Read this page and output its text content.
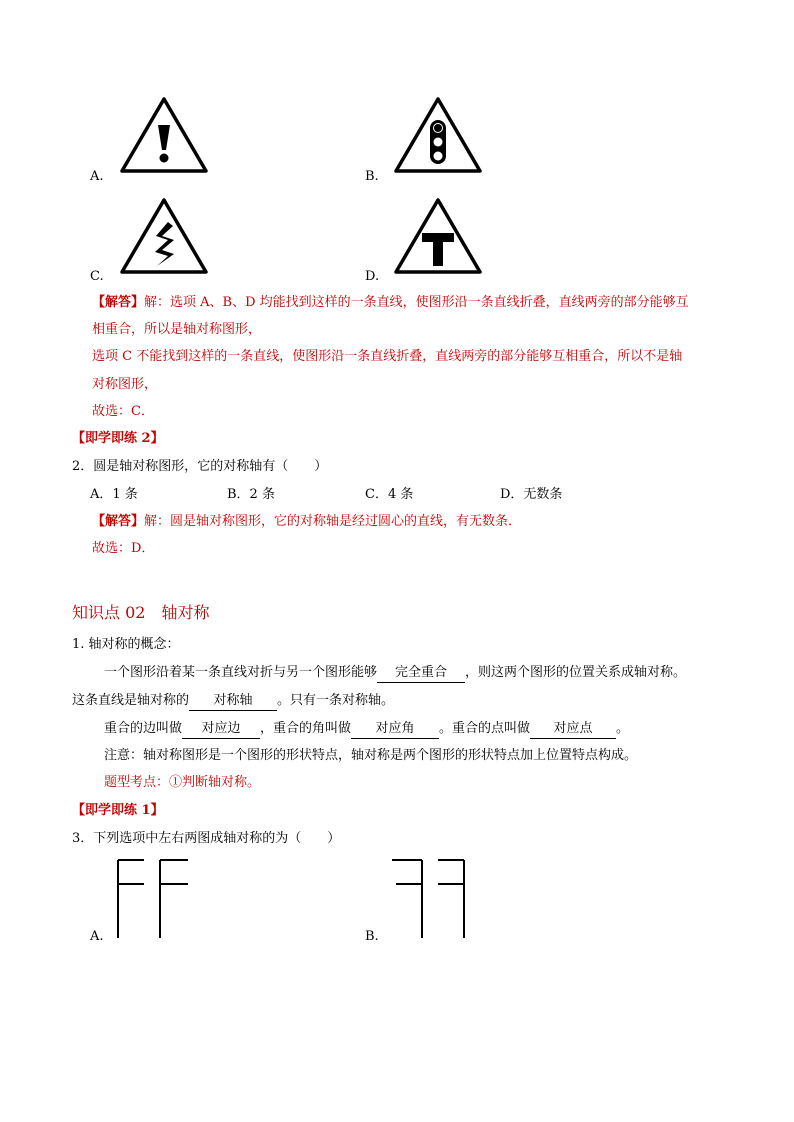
A.	B.
C.	D.
【解答】解：选项 A、B、D 均能找到这样的一条直线，使图形沿一条直线折叠，直线两旁的部分能够互
相重合，所以是轴对称图形，
选项 C 不能找到这样的一条直线，使图形沿一条直线折叠，直线两旁的部分能够互相重合，所以不是轴
对称图形，
故选：C．
【即学即练 2】
2．圆是轴对称图形，它的对称轴有（　　）
A．1 条	B．2 条	C．4 条	D．无数条
【解答】解：圆是轴对称图形，它的对称轴是经过圆心的直线，有无数条．
故选：D．
知识点 02　轴对称
1. 轴对称的概念：
一个图形沿着某一条直线对折与另一个图形能够 完全重合 ，则这两个图形的位置关系成轴对称。
这条直线是轴对称的 对称轴 。只有一条对称轴。
重合的边叫做 对应边 ，重合的角叫做 对应角 。重合的点叫做 对应点 。
注意：轴对称图形是一个图形的形状特点，轴对称是两个图形的形状特点加上位置特点构成。
题型考点：①判断轴对称。
【即学即练 1】
3．下列选项中左右两图成轴对称的为（　　）
A.	B.
